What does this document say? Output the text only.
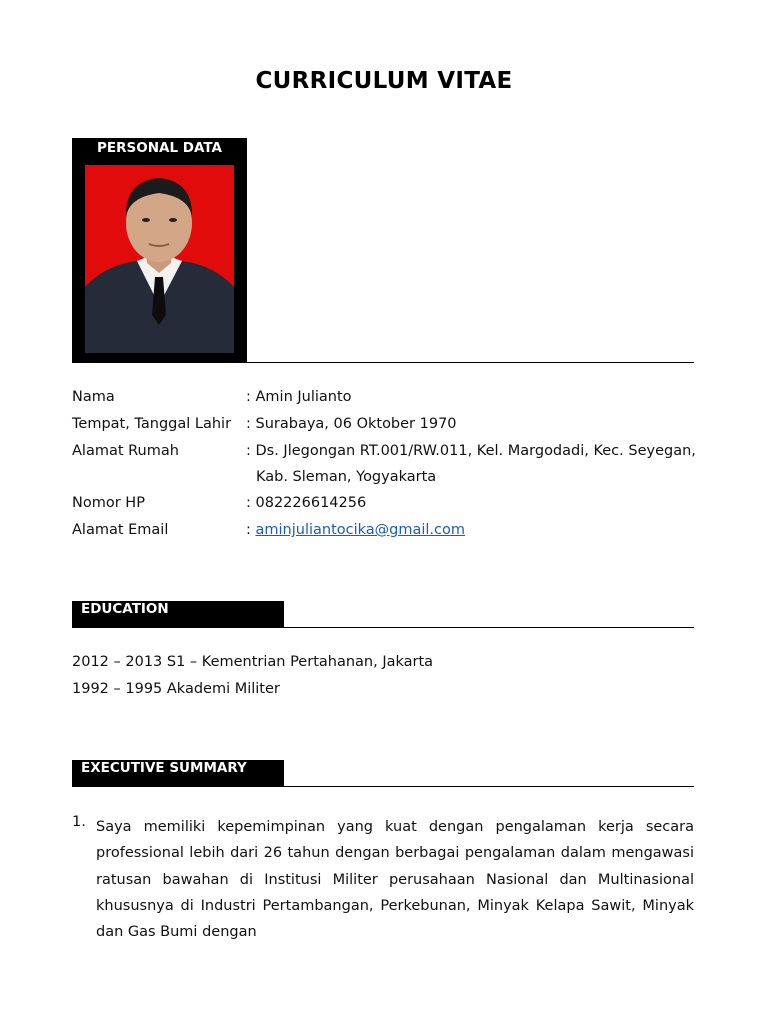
CURRICULUM VITAE
PERSONAL DATA
Nama	: Amin Julianto
Tempat, Tanggal Lahir : Surabaya, 06 Oktober 1970
Alamat Rumah	: Ds. Jlegongan RT.001/RW.011, Kel. Margodadi, Kec. Seyegan,
Kab. Sleman, Yogyakarta
Nomor HP	: 082226614256
Alamat Email	: aminjuliantocika@gmail.com
EDUCATION
2012 – 2013 S1 – Kementrian Pertahanan, Jakarta
1992 – 1995 Akademi Militer
EXECUTIVE SUMMARY
1. Saya memiliki kepemimpinan yang kuat dengan pengalaman kerja secara professional lebih dari 26 tahun dengan berbagai pengalaman dalam mengawasi ratusan bawahan di Institusi Militer perusahaan Nasional dan Multinasional khususnya di Industri Pertambangan, Perkebunan, Minyak Kelapa Sawit, Minyak dan Gas Bumi dengan
